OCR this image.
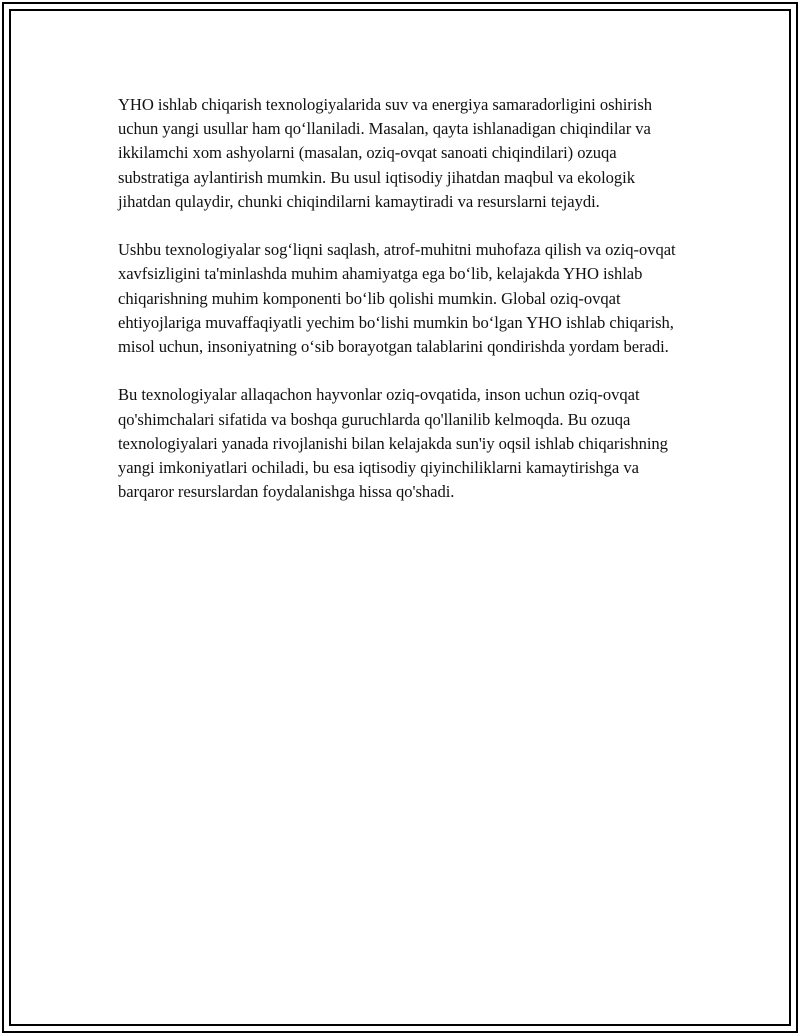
YHO ishlab chiqarish texnologiyalarida suv va energiya samaradorligini oshirish uchun yangi usullar ham qo‘llaniladi. Masalan, qayta ishlanadigan chiqindilar va ikkilamchi xom ashyolarni (masalan, oziq-ovqat sanoati chiqindilari) ozuqa substratiga aylantirish mumkin. Bu usul iqtisodiy jihatdan maqbul va ekologik jihatdan qulaydir, chunki chiqindilarni kamaytiradi va resurslarni tejaydi.

Ushbu texnologiyalar sog‘liqni saqlash, atrof-muhitni muhofaza qilish va oziq-ovqat xavfsizligini ta'minlashda muhim ahamiyatga ega bo‘lib, kelajakda YHO ishlab chiqarishning muhim komponenti bo‘lib qolishi mumkin. Global oziq-ovqat ehtiyojlariga muvaffaqiyatli yechim bo‘lishi mumkin bo‘lgan YHO ishlab chiqarish, misol uchun, insoniyatning o‘sib borayotgan talablarini qondirishda yordam beradi.

Bu texnologiyalar allaqachon hayvonlar oziq-ovqatida, inson uchun oziq-ovqat qo'shimchalari sifatida va boshqa guruchlarda qo'llanilib kelmoqda. Bu ozuqa texnologiyalari yanada rivojlanishi bilan kelajakda sun'iy oqsil ishlab chiqarishning yangi imkoniyatlari ochiladi, bu esa iqtisodiy qiyinchiliklarni kamaytirishga va barqaror resurslardan foydalanishga hissa qo'shadi.
